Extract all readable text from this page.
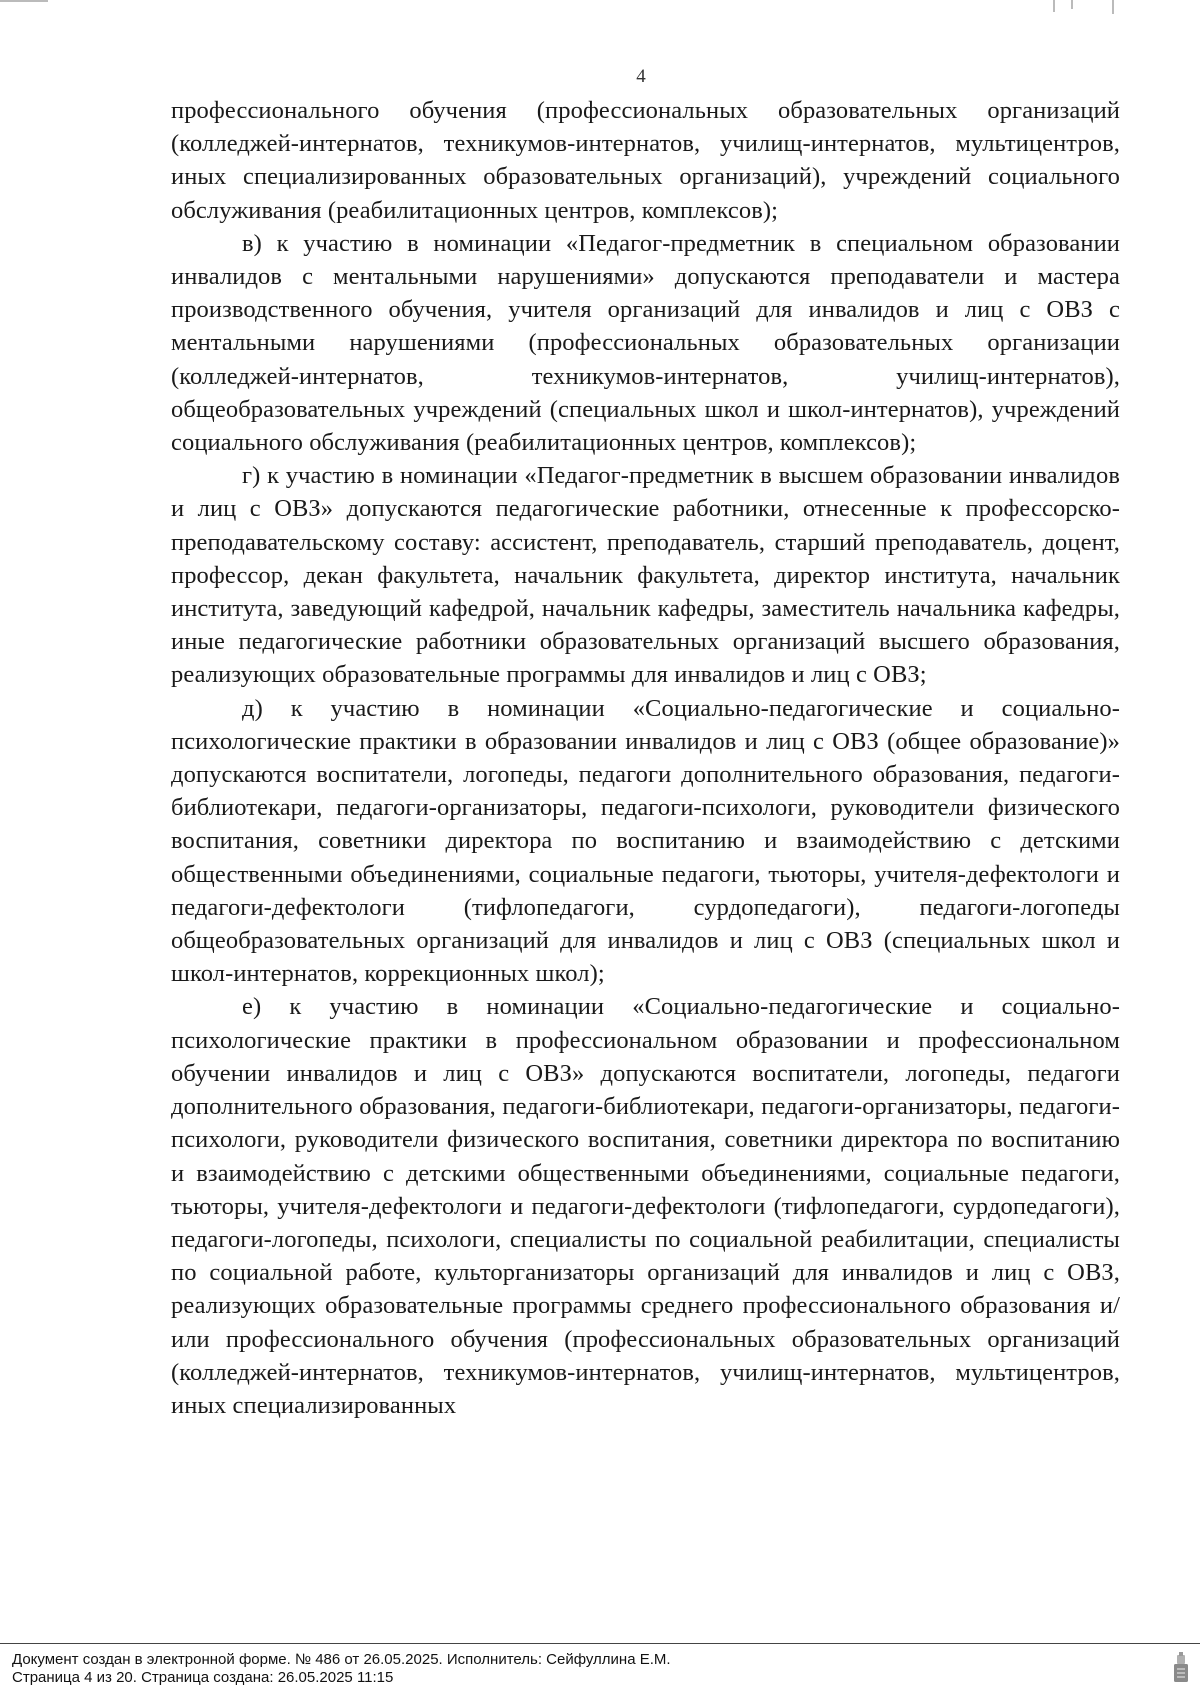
4

профессионального обучения (профессиональных образовательных организаций (колледжей-интернатов, техникумов-интернатов, училищ-интернатов, мультицентров, иных специализированных образовательных организаций), учреждений социального обслуживания (реабилитационных центров, комплексов);

в) к участию в номинации «Педагог-предметник в специальном образовании инвалидов с ментальными нарушениями» допускаются преподаватели и мастера производственного обучения, учителя организаций для инвалидов и лиц с ОВЗ с ментальными нарушениями (профессиональных образовательных организации (колледжей-интернатов, техникумов-интернатов, училищ-интернатов), общеобразовательных учреждений (специальных школ и школ-интернатов), учреждений социального обслуживания (реабилитационных центров, комплексов);

г) к участию в номинации «Педагог-предметник в высшем образовании инвалидов и лиц с ОВЗ» допускаются педагогические работники, отнесенные к профессорско-преподавательскому составу: ассистент, преподаватель, старший преподаватель, доцент, профессор, декан факультета, начальник факультета, директор института, начальник института, заведующий кафедрой, начальник кафедры, заместитель начальника кафедры, иные педагогические работники образовательных организаций высшего образования, реализующих образовательные программы для инвалидов и лиц с ОВЗ;

д) к участию в номинации «Социально-педагогические и социально-психологические практики в образовании инвалидов и лиц с ОВЗ (общее образование)» допускаются воспитатели, логопеды, педагоги дополнительного образования, педагоги-библиотекари, педагоги-организаторы, педагоги-психологи, руководители физического воспитания, советники директора по воспитанию и взаимодействию с детскими общественными объединениями, социальные педагоги, тьюторы, учителя-дефектологи и педагоги-дефектологи (тифлопедагоги, сурдопедагоги), педагоги-логопеды общеобразовательных организаций для инвалидов и лиц с ОВЗ (специальных школ и школ-интернатов, коррекционных школ);

е) к участию в номинации «Социально-педагогические и социально-психологические практики в профессиональном образовании и профессиональном обучении инвалидов и лиц с ОВЗ» допускаются воспитатели, логопеды, педагоги дополнительного образования, педагоги-библиотекари, педагоги-организаторы, педагоги-психологи, руководители физического воспитания, советники директора по воспитанию и взаимодействию с детскими общественными объединениями, социальные педагоги, тьюторы, учителя-дефектологи и педагоги-дефектологи (тифлопедагоги, сурдопедагоги), педагоги-логопеды, психологи, специалисты по социальной реабилитации, специалисты по социальной работе, культорганизаторы организаций для инвалидов и лиц с ОВЗ, реализующих образовательные программы среднего профессионального образования и/или профессионального обучения (профессиональных образовательных организаций (колледжей-интернатов, техникумов-интернатов, училищ-интернатов, мультицентров, иных специализированных

Документ создан в электронной форме. № 486 от 26.05.2025. Исполнитель: Сейфуллина Е.М.
Страница 4 из 20. Страница создана: 26.05.2025 11:15
